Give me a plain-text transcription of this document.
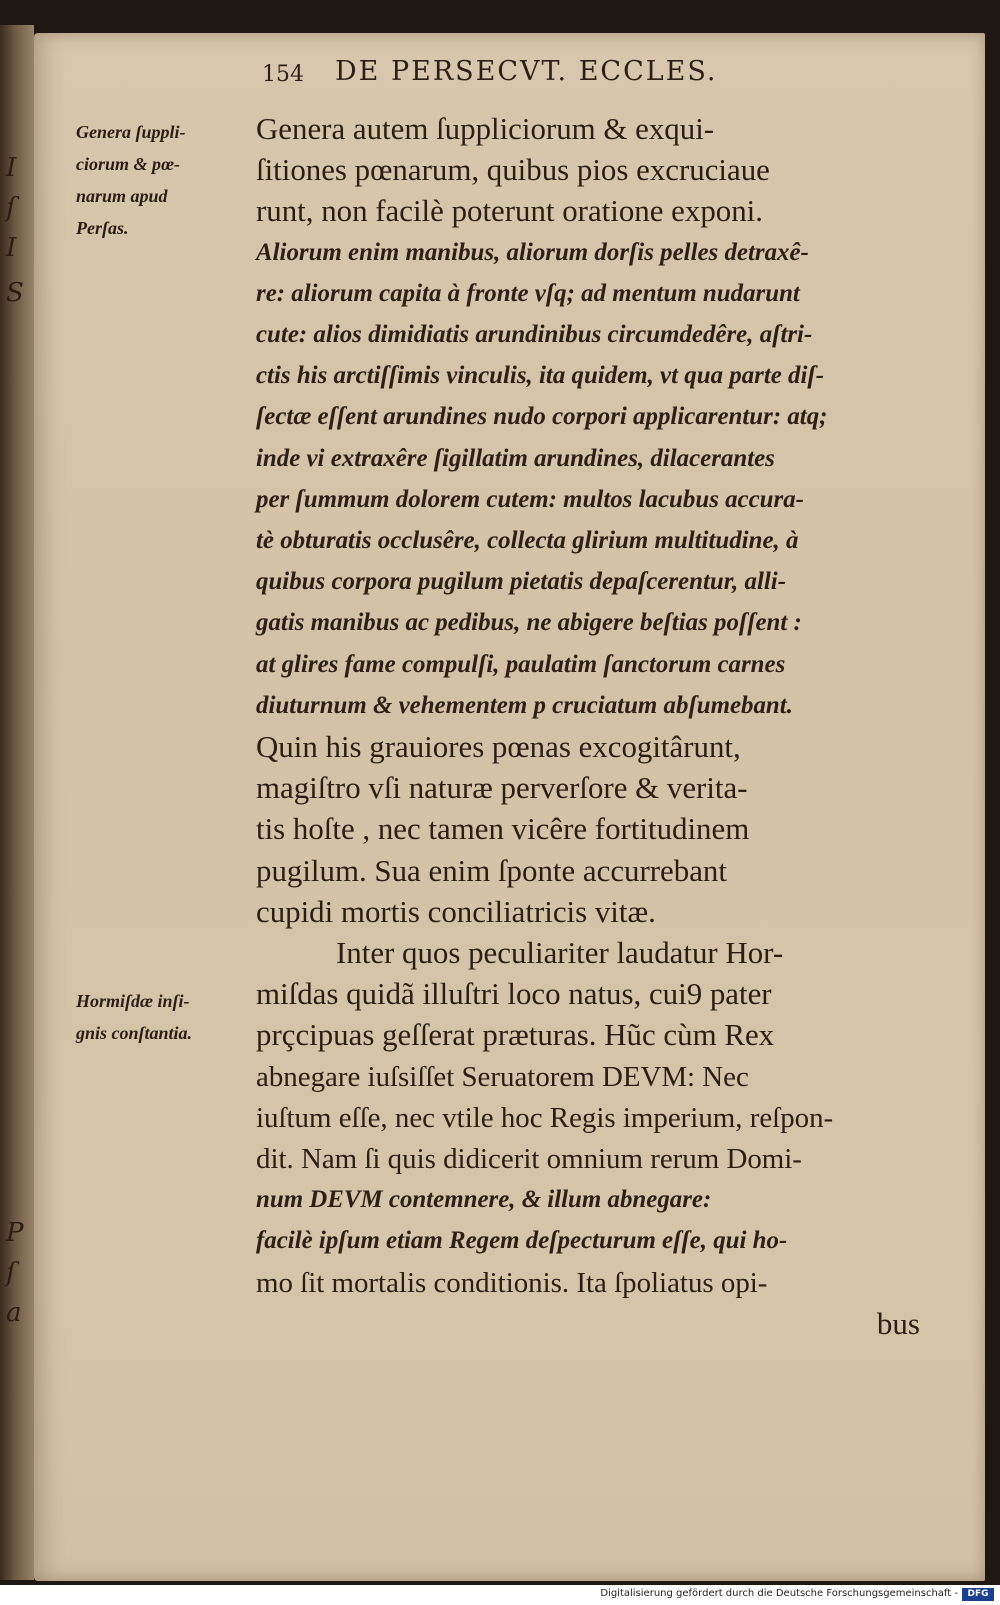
I
ſ
I
S
P
ſ
a
154 DE PERSECVT. ECCLES.
Genera ſuppli-
ciorum & pœ-
narum apud
Perſas.
Hormiſdæ inſi-
gnis conſtantia.
Genera autem ſuppliciorum & exqui-
ſitiones pœnarum, quibus pios excruciaue
runt, non facilè poterunt oratione exponi.
Aliorum enim manibus, aliorum dorſis pelles detraxê-
re: aliorum capita à fronte vſq; ad mentum nudarunt
cute: alios dimidiatis arundinibus circumdedêre, aſtri-
ctis his arctiſſimis vinculis, ita quidem, vt qua parte diſ-
ſectæ eſſent arundines nudo corpori applicarentur: atq;
inde vi extraxêre ſigillatim arundines, dilacerantes
per ſummum dolorem cutem: multos lacubus accura-
tè obturatis occlusêre, collecta glirium multitudine, à
quibus corpora pugilum pietatis depaſcerentur, alli-
gatis manibus ac pedibus, ne abigere beſtias poſſent :
at glires fame compulſi, paulatim ſanctorum carnes
diuturnum & vehementem p cruciatum abſumebant.
Quin his grauiores pœnas excogitârunt,
magiſtro vſi naturæ perverſore & verita-
tis hoſte , nec tamen vicêre fortitudinem
pugilum. Sua enim ſponte accurrebant
cupidi mortis conciliatricis vitæ.
Inter quos peculiariter laudatur Hor-
miſdas quidã illuſtri loco natus, cui9 pater
prçcipuas geſſerat præturas. Hũc cùm Rex
abnegare iuſsiſſet Seruatorem DEVM: Nec
iuſtum eſſe, nec vtile hoc Regis imperium, reſpon-
dit. Nam ſi quis didicerit omnium rerum Domi-
num DEVM contemnere, & illum abnegare:
facilè ipſum etiam Regem deſpecturum eſſe, qui ho-
mo ſit mortalis conditionis. Ita ſpoliatus opi-
bus
Digitalisierung gefördert durch die Deutsche Forschungsgemeinschaft -	DFG
